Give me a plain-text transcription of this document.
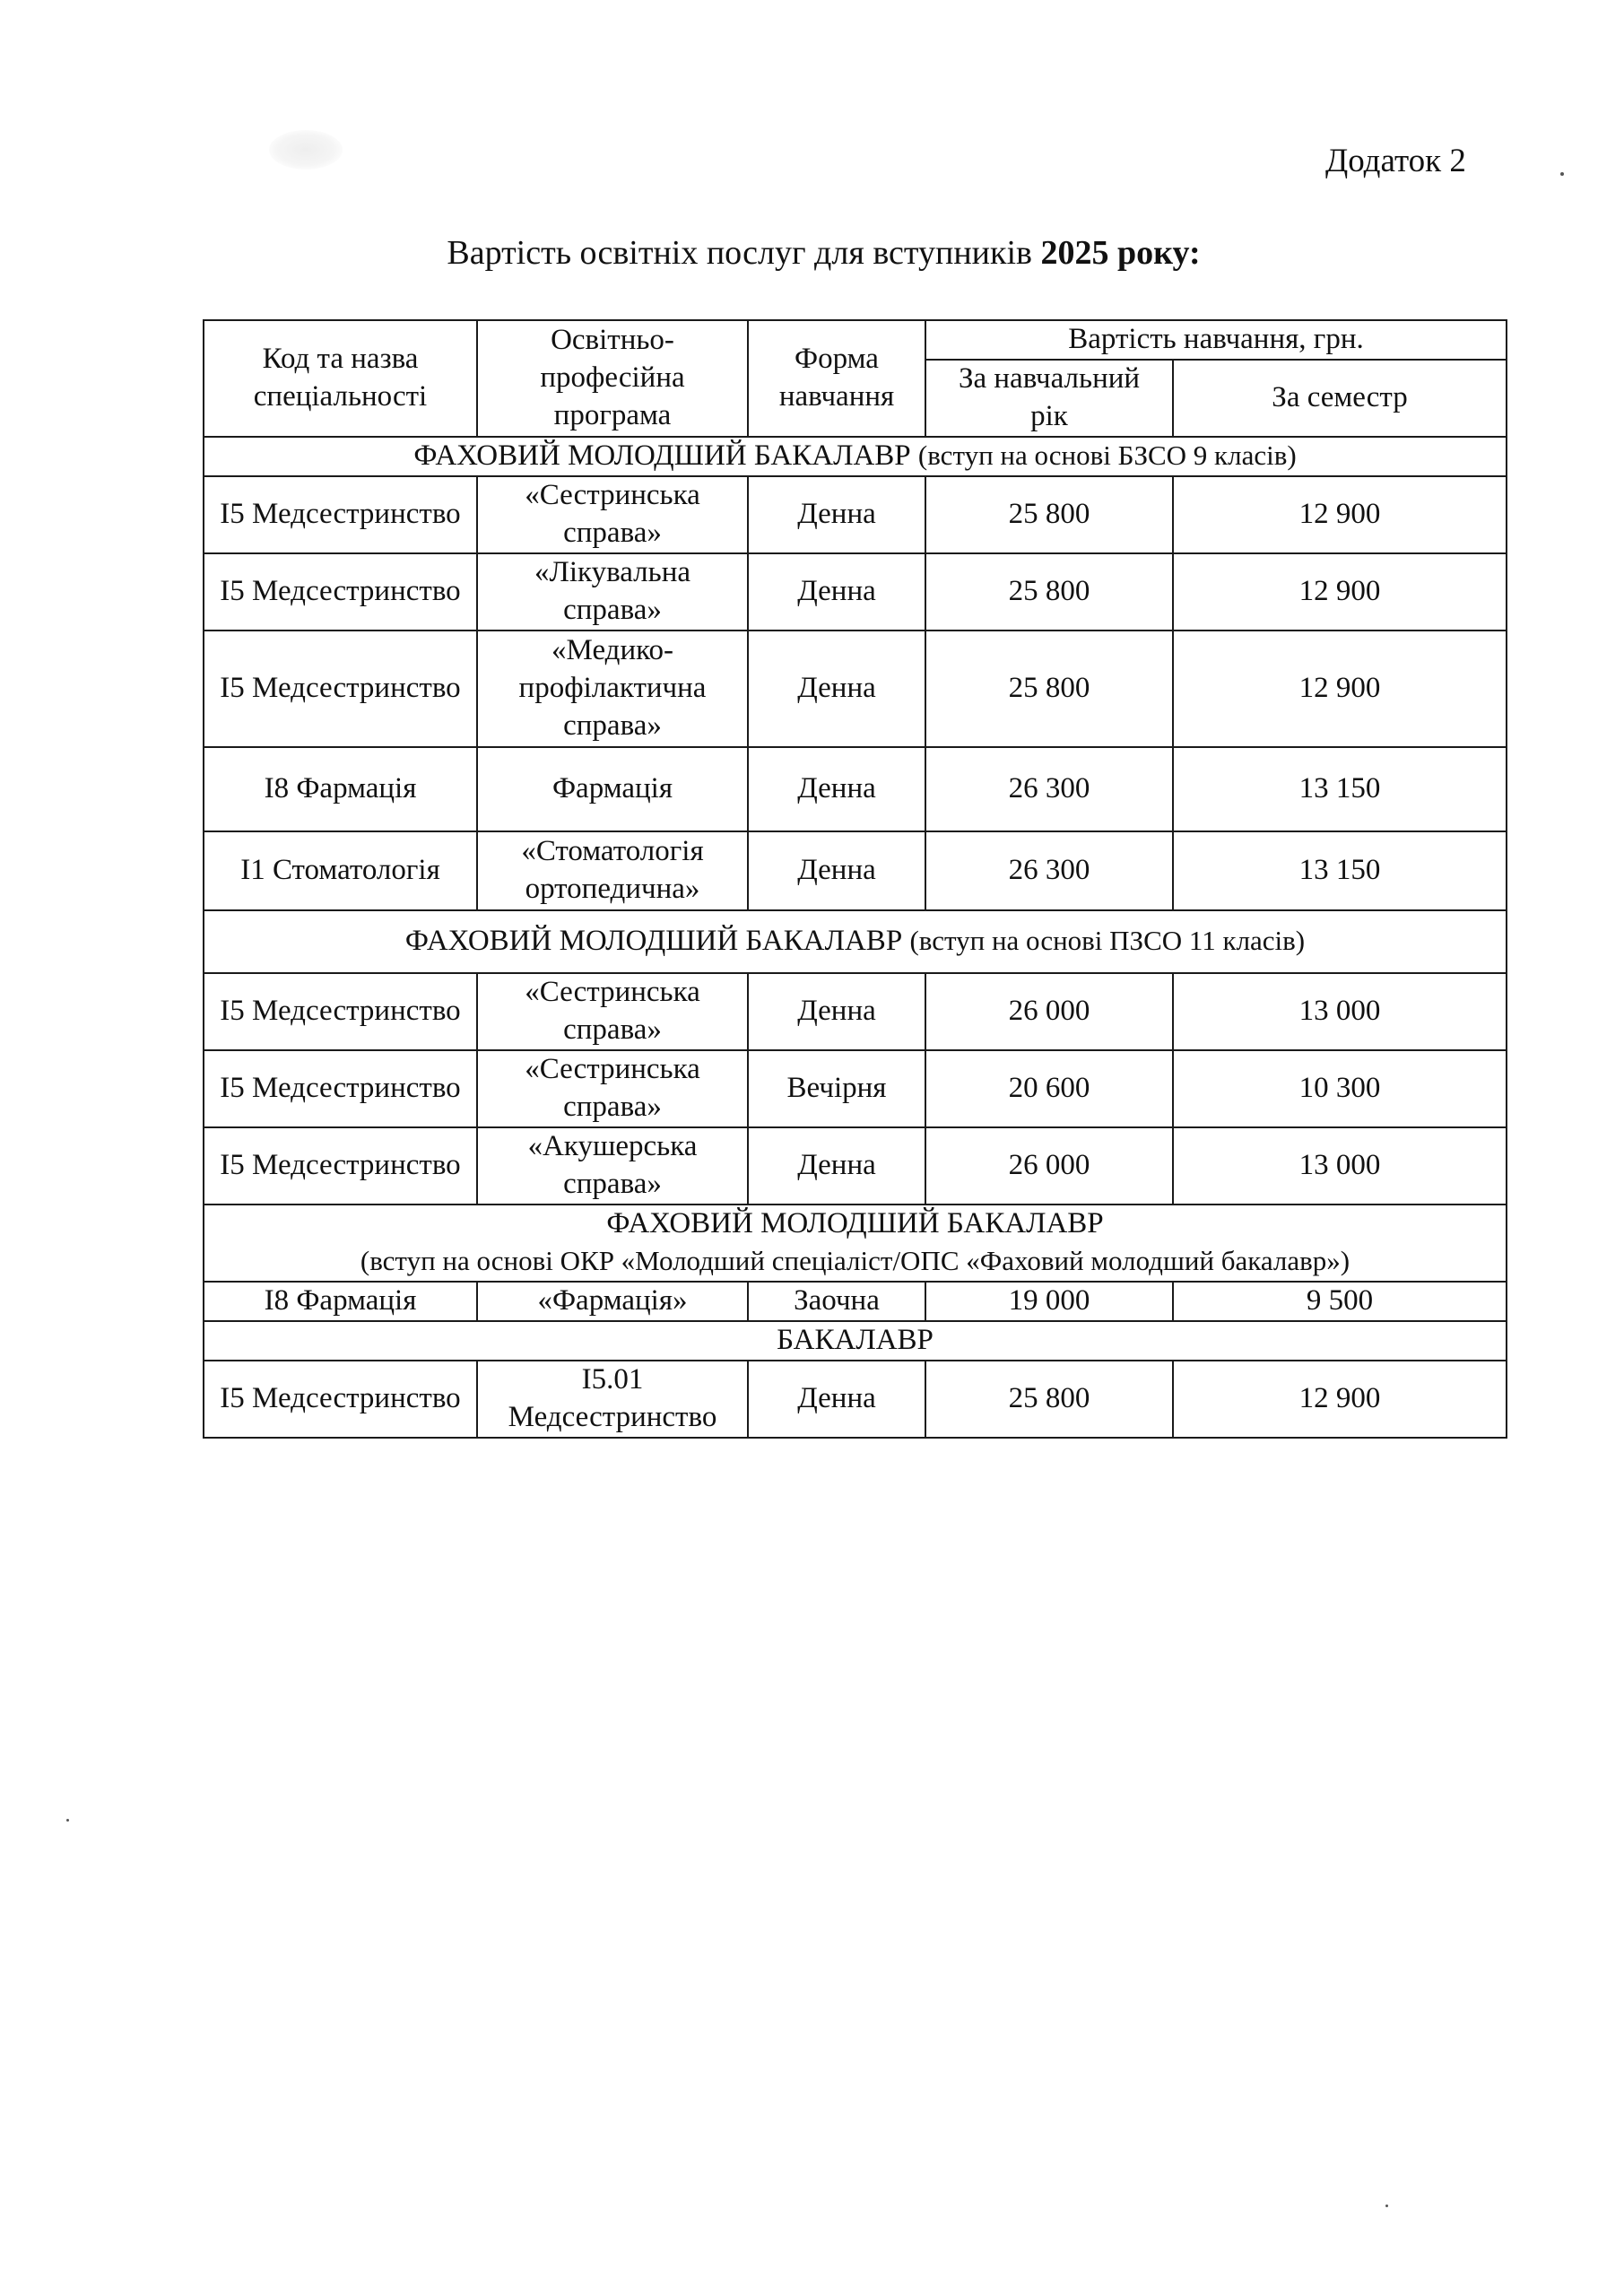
Додаток 2
Вартість освітніх послуг для вступників 2025 року:
Код та назва спеціальності	Освітньо-професійна програма	Форма навчання	Вартість навчання, грн.	
			За навчальний рік	За семестр
ФАХОВИЙ МОЛОДШИЙ БАКАЛАВР (вступ на основі БЗСО 9 класів)				
І5 Медсестринство	«Сестринська справа»	Денна	25 800	12 900
І5 Медсестринство	«Лікувальна справа»	Денна	25 800	12 900
І5 Медсестринство	«Медико-профілактична справа»	Денна	25 800	12 900
І8 Фармація	Фармація	Денна	26 300	13 150
І1 Стоматологія	«Стоматологія ортопедична»	Денна	26 300	13 150
ФАХОВИЙ МОЛОДШИЙ БАКАЛАВР (вступ на основі ПЗСО 11 класів)				
І5 Медсестринство	«Сестринська справа»	Денна	26 000	13 000
І5 Медсестринство	«Сестринська справа»	Вечірня	20 600	10 300
І5 Медсестринство	«Акушерська справа»	Денна	26 000	13 000
ФАХОВИЙ МОЛОДШИЙ БАКАЛАВР
(вступ на основі ОКР «Молодший спеціаліст/ОПС «Фаховий молодший бакалавр»)				
І8 Фармація	«Фармація»	Заочна	19 000	9 500
БАКАЛАВР				
І5 Медсестринство	І5.01 Медсестринство	Денна	25 800	12 900
